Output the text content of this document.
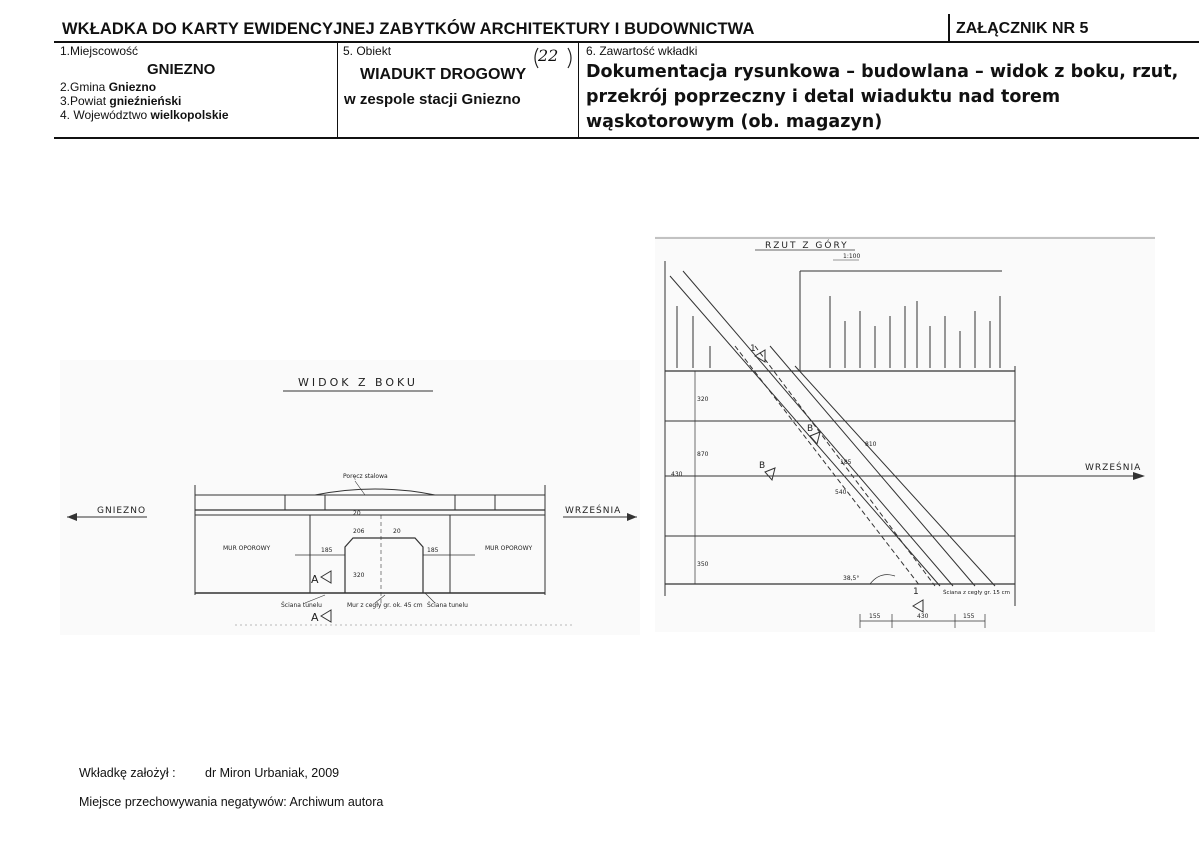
WKŁADKA DO KARTY EWIDENCYJNEJ ZABYTKÓW ARCHITEKTURY I BUDOWNICTWA	ZAŁĄCZNIK NR 5
1.Miejscowość
GNIEZNO
2.Gmina Gniezno
3.Powiat gnieźnieński
4. Województwo wielkopolskie
5. Obiekt	22
WIADUKT DROGOWY
w zespole stacji Gniezno
6. Zawartość wkładki
Dokumentacja rysunkowa – budowlana – widok z boku, rzut, przekrój poprzeczny i detal wiaduktu nad torem wąskotorowym (ob. magazyn)
WIDOK Z BOKU
GNIEZNO	WRZEŚNIA
Poręcz stalowa
MUR OPOROWY	MUR OPOROWY
185	185
20
20
206
320
A
A
Ściana tunelu	Mur z cegły gr. ok. 45 cm Ściana tunelu
RZUT Z GÓRY
1:100
WRZEŚNIA
320
870
350
430
1
B
B
1
810
185
540
38,5°
Ściana z cegły gr. 15 cm
155	430	155
Wkładkę założył : dr Miron Urbaniak, 2009
Miejsce przechowywania negatywów: Archiwum autora
